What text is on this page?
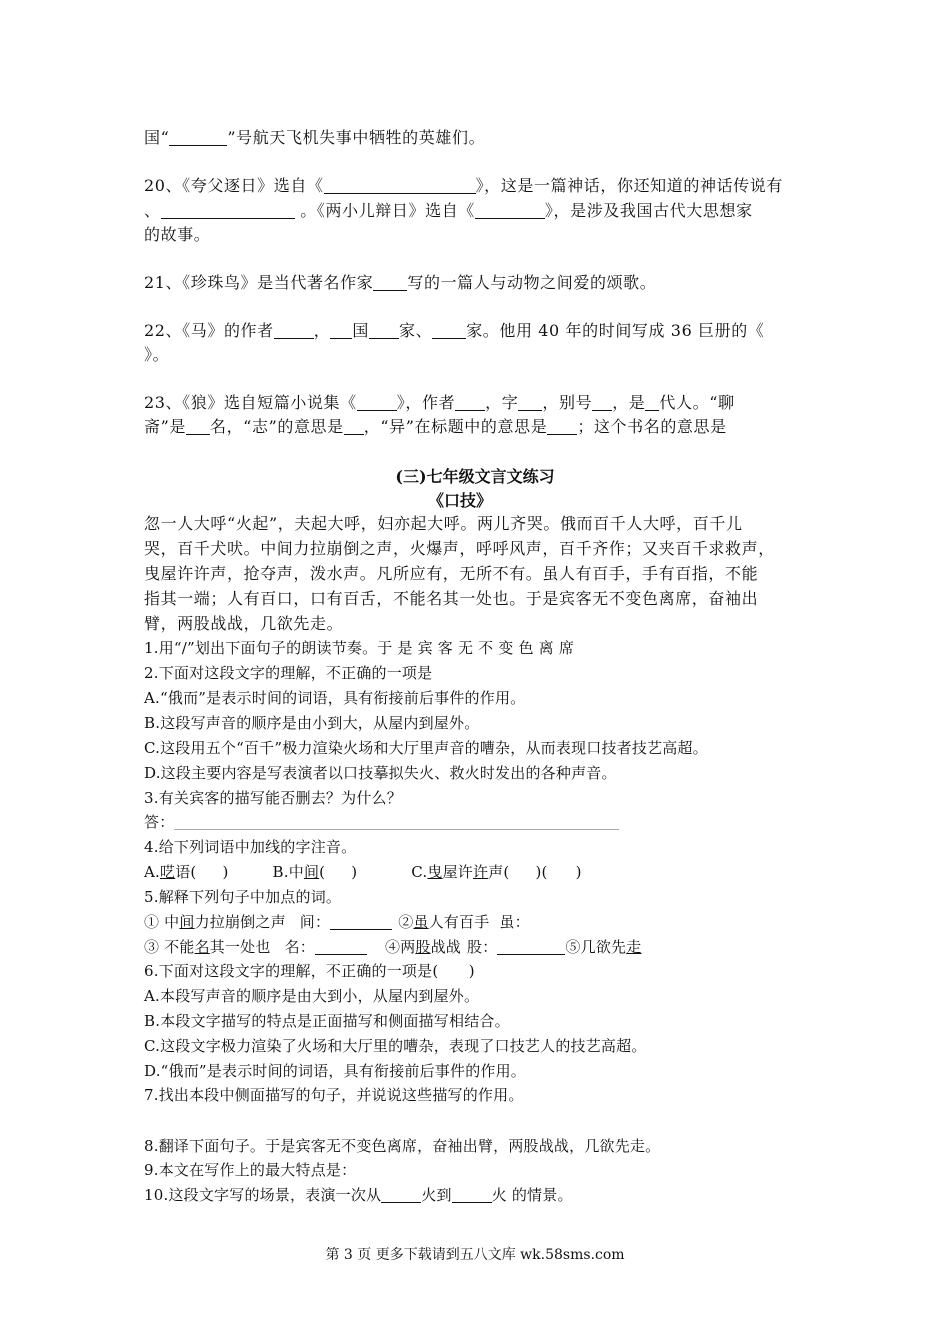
国“	”号航天飞机失事中牺牲的英雄们。
20、《夸父逐日》选自《	》，这是一篇神话，你还知道的神话传说有
、	。《两小儿辩日》选自《	》，是涉及我国古代大思想家
的故事。
21、《珍珠鸟》是当代著名作家 写的一篇人与动物之间爱的颂歌。
22、《马》的作者	， 国 家、 家。他用 40 年的时间写成 36 巨册的《
》。
23、《狼》选自短篇小说集《	》，作者 ，字 ，别号 ，是 代人。“聊
斋”是 名，“志”的意思是 ，“异”在标题中的意思是 ；这个书名的意思是
(三)七年级文言文练习
《口技》
忽一人大呼“火起”，夫起大呼，妇亦起大呼。两儿齐哭。俄而百千人大呼，百千儿
哭，百千犬吠。中间力拉崩倒之声，火爆声，呼呼风声，百千齐作；又夹百千求救声，
曳屋许许声，抢夺声，泼水声。凡所应有，无所不有。虽人有百手，手有百指，不能
指其一端；人有百口，口有百舌，不能名其一处也。于是宾客无不变色离席，奋袖出
臂，两股战战，几欲先走。
1.用“/”划出下面句子的朗读节奏。于 是 宾 客 无 不 变 色 离 席
2.下面对这段文字的理解，不正确的一项是
A.“俄而”是表示时间的词语，具有衔接前后事件的作用。
B.这段写声音的顺序是由小到大，从屋内到屋外。
C.这段用五个“百千”极力渲染火场和大厅里声音的嘈杂，从而表现口技者技艺高超。
D.这段主要内容是写表演者以口技摹拟失火、救火时发出的各种声音。
3.有关宾客的描写能否删去？为什么？
答：
4.给下列词语中加线的字注音。
A.呓语( )	B.中间( )	C.曳屋许许声( )( )
5.解释下列句子中加点的词。
① 中间力拉崩倒之声 间：	②虽人有百手 虽：
③ 不能名其一处也 名：	④两股战战 股：	⑤几欲先走
6.下面对这段文字的理解，不正确的一项是(　　)
A.本段写声音的顺序是由大到小，从屋内到屋外。
B.本段文字描写的特点是正面描写和侧面描写相结合。
C.这段文字极力渲染了火场和大厅里的嘈杂，表现了口技艺人的技艺高超。
D.“俄而”是表示时间的词语，具有衔接前后事件的作用。
7.找出本段中侧面描写的句子，并说说这些描写的作用。
8.翻译下面句子。于是宾客无不变色离席，奋袖出臂，两股战战，几欲先走。
9.本文在写作上的最大特点是：
10.这段文字写的场景，表演一次从	火到	火 的情景。
第 3 页 更多下载请到五八文库 wk.58sms.com
